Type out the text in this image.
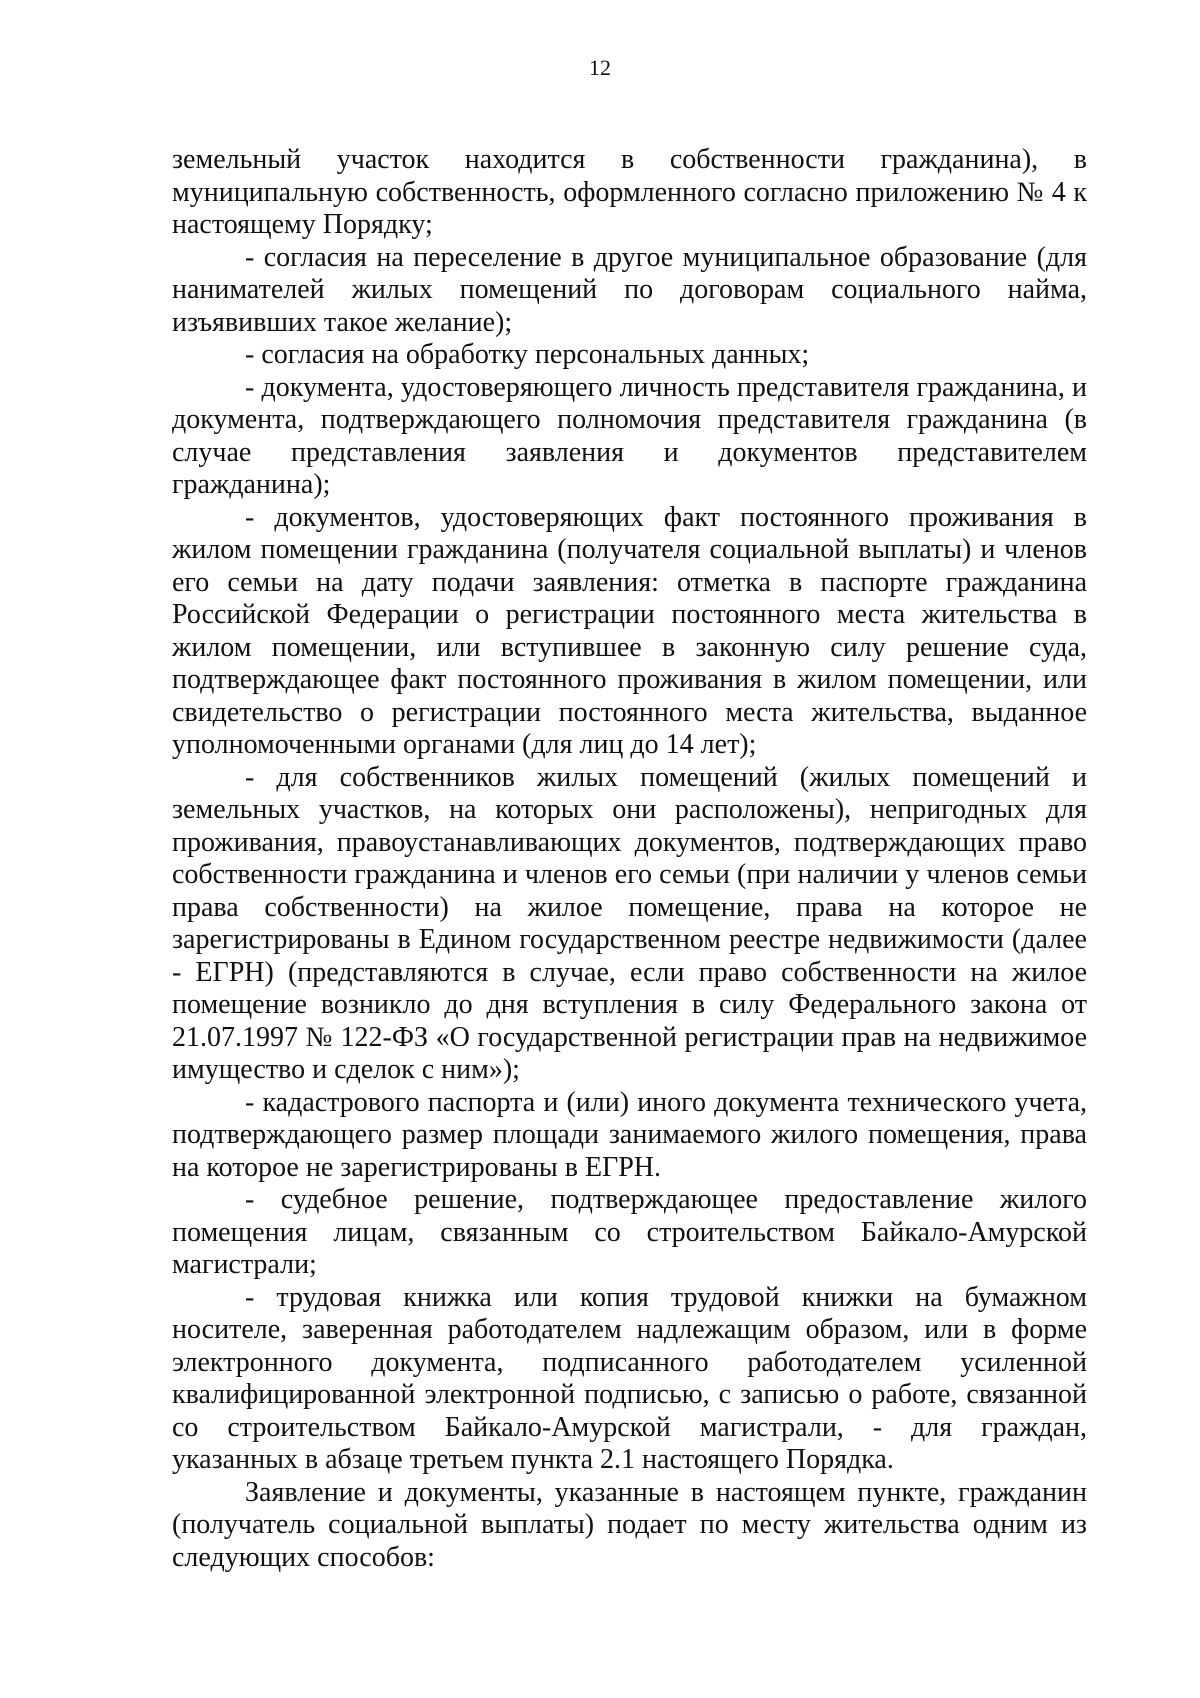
12

земельный участок находится в собственности гражданина), в муниципальную собственность, оформленного согласно приложению № 4 к настоящему Порядку;

- согласия на переселение в другое муниципальное образование (для нанимателей жилых помещений по договорам социального найма, изъявивших такое желание);

- согласия на обработку персональных данных;

- документа, удостоверяющего личность представителя гражданина, и документа, подтверждающего полномочия представителя гражданина (в случае представления заявления и документов представителем гражданина);

- документов, удостоверяющих факт постоянного проживания в жилом помещении гражданина (получателя социальной выплаты) и членов его семьи на дату подачи заявления: отметка в паспорте гражданина Российской Федерации о регистрации постоянного места жительства в жилом помещении, или вступившее в законную силу решение суда, подтверждающее факт постоянного проживания в жилом помещении, или свидетельство о регистрации постоянного места жительства, выданное уполномоченными органами (для лиц до 14 лет);

- для собственников жилых помещений (жилых помещений и земельных участков, на которых они расположены), непригодных для проживания, правоустанавливающих документов, подтверждающих право собственности гражданина и членов его семьи (при наличии у членов семьи права собственности) на жилое помещение, права на которое не зарегистрированы в Едином государственном реестре недвижимости (далее - ЕГРН) (представляются в случае, если право собственности на жилое помещение возникло до дня вступления в силу Федерального закона от 21.07.1997 № 122-ФЗ «О государственной регистрации прав на недвижимое имущество и сделок с ним»);

- кадастрового паспорта и (или) иного документа технического учета, подтверждающего размер площади занимаемого жилого помещения, права на которое не зарегистрированы в ЕГРН.

- судебное решение, подтверждающее предоставление жилого помещения лицам, связанным со строительством Байкало-Амурской магистрали;

- трудовая книжка или копия трудовой книжки на бумажном носителе, заверенная работодателем надлежащим образом, или в форме электронного документа, подписанного работодателем усиленной квалифицированной электронной подписью, с записью о работе, связанной со строительством Байкало-Амурской магистрали, - для граждан, указанных в абзаце третьем пункта 2.1 настоящего Порядка.

Заявление и документы, указанные в настоящем пункте, гражданин (получатель социальной выплаты) подает по месту жительства одним из следующих способов:
